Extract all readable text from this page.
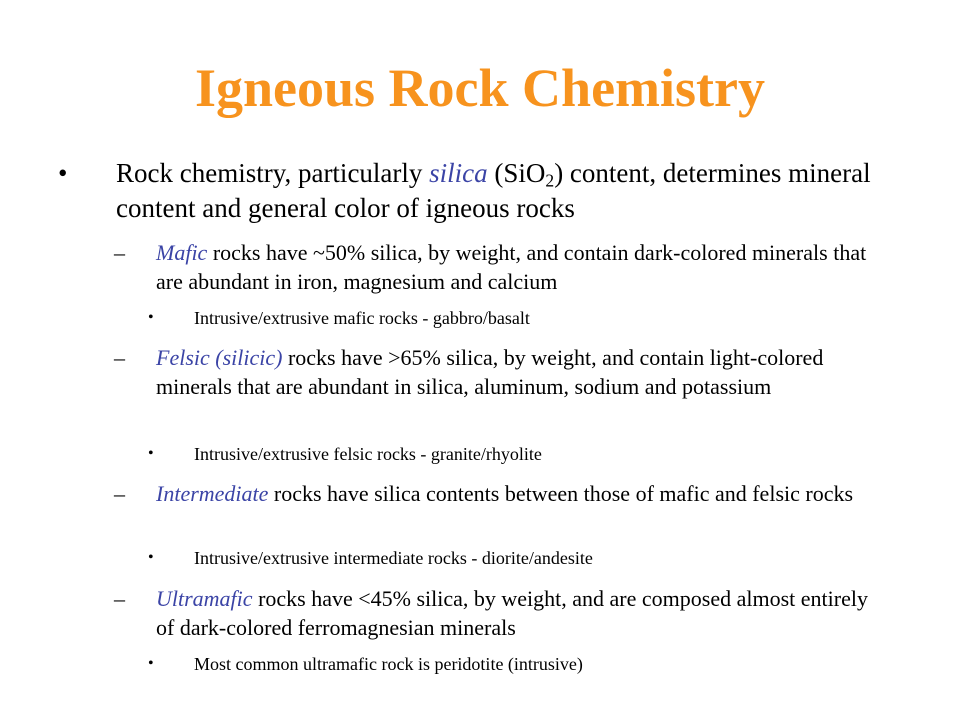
Igneous Rock Chemistry
• Rock chemistry, particularly silica (SiO$_2$) content, determines mineral content and general color of igneous rocks
– Mafic rocks have ~50% silica, by weight, and contain dark-colored minerals that are abundant in iron, magnesium and calcium
• Intrusive/extrusive mafic rocks - gabbro/basalt
– Felsic (silicic) rocks have >65% silica, by weight, and contain light-colored minerals that are abundant in silica, aluminum, sodium and potassium
• Intrusive/extrusive felsic rocks - granite/rhyolite
– Intermediate rocks have silica contents between those of mafic and felsic rocks
• Intrusive/extrusive intermediate rocks - diorite/andesite
– Ultramafic rocks have <45% silica, by weight, and are composed almost entirely of dark-colored ferromagnesian minerals
• Most common ultramafic rock is peridotite (intrusive)
